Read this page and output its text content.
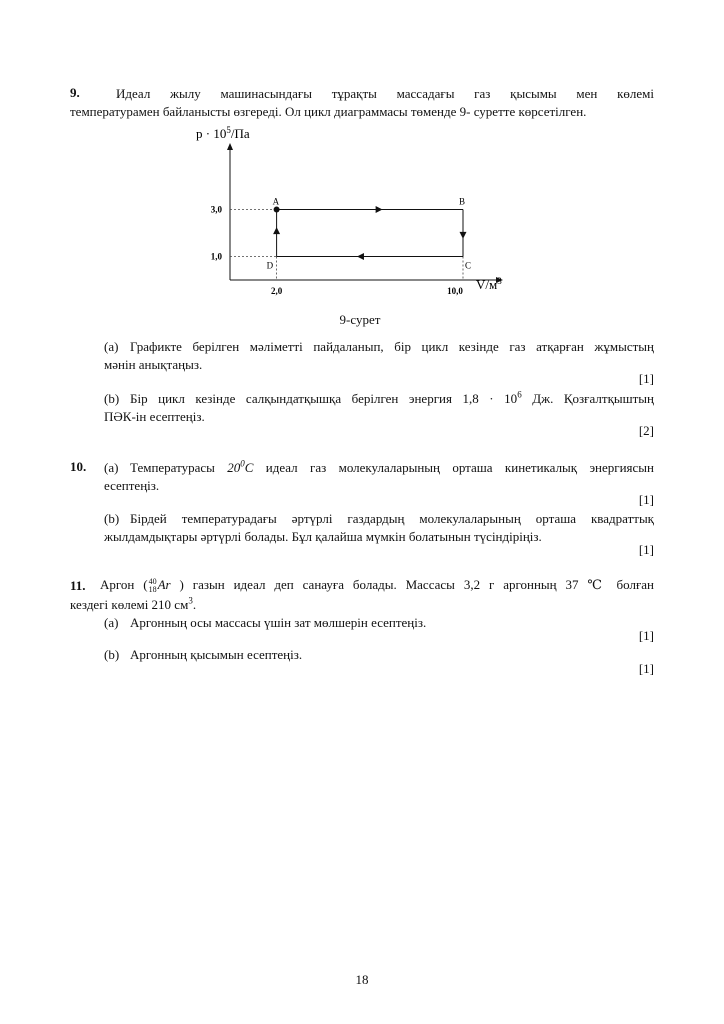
9.	Идеал жылу машинасындағы тұрақты массадағы газ қысымы мен көлемі
температурамен байланысты өзгереді. Ол цикл диаграммасы төменде 9- суретте көрсетілген.
$p \cdot 10^5/Па$
$V/м^3$
3,0
1,0
2,0	10,0
A	B
C
D
9-сурет
(a) Графикте берілген мәліметті пайдаланып, бір цикл кезінде газ атқарған жұмыстың
мәнін анықтаңыз.
[1]
(b) Бір цикл кезінде салқындатқышқа берілген энергия $1,8 \cdot 10^6$ Дж. Қозғалтқыштың
ПӘК-ін есептеңіз.
[2]
10. (a) Температурасы $20^0C$ идеал газ молекулаларының орташа кинетикалық энергиясын
есептеңіз.
[1]
(b) Бірдей температурадағы әртүрлі газдардың молекулаларының орташа квадраттық
жылдамдықтары әртүрлі болады. Бұл қалайша мүмкін болатынын түсіндіріңіз.
[1]
11. Аргон ( 40
18 Ar ) газын идеал деп санауға болады. Массасы 3,2 г аргонның 37 ℃ болған
кездегі көлемі 210 $см^3$.
(a) Аргонның осы массасы үшін зат мөлшерін есептеңіз.
[1]
(b) Аргонның қысымын есептеңіз.
[1]
18
